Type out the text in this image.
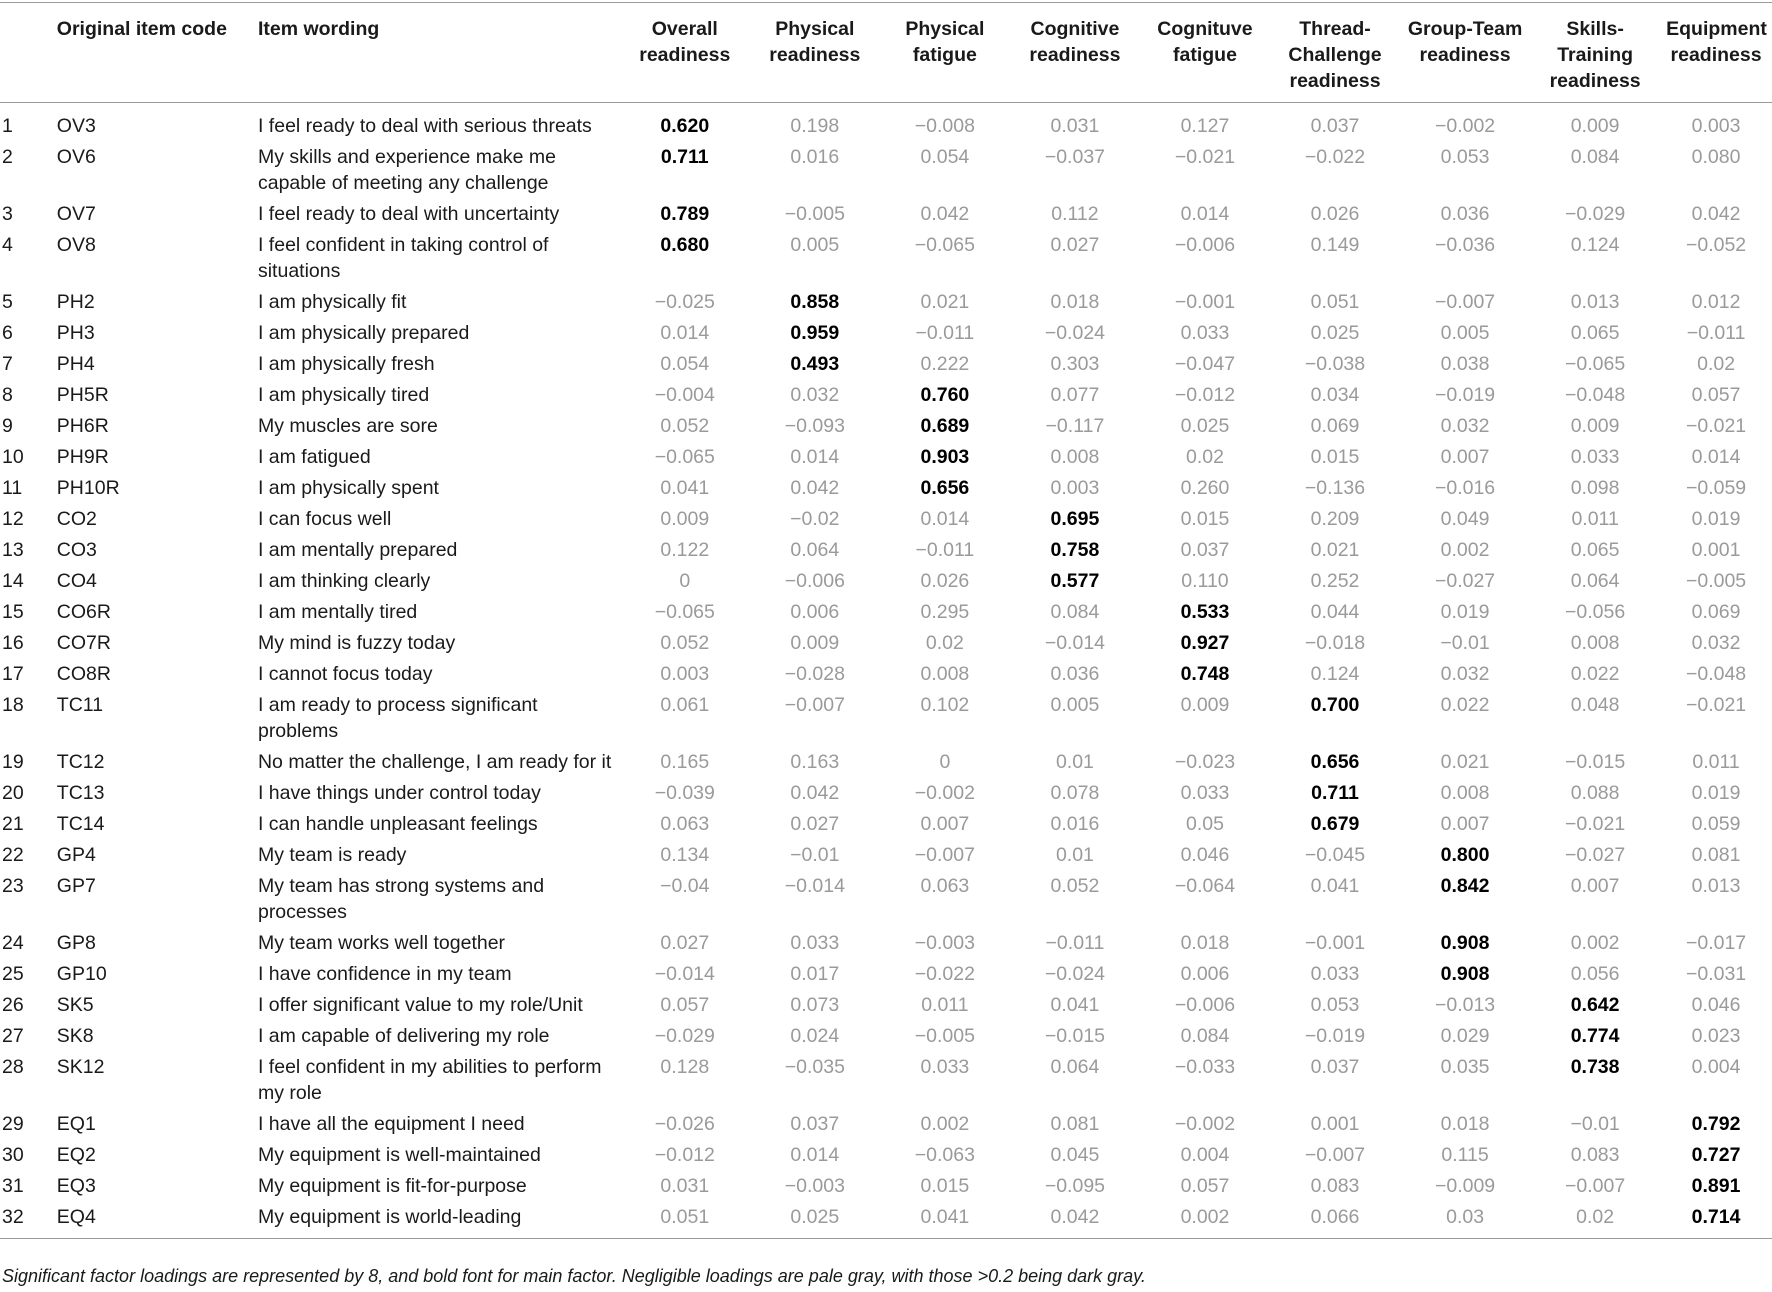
	Original item code	Item wording	Overall readiness	Physical readiness	Physical fatigue	Cognitive readiness	Cognituve fatigue	Thread-Challenge readiness	Group-Team readiness	Skills-Training readiness	Equipment readiness
1	OV3	I feel ready to deal with serious threats	0.620	0.198	−0.008	0.031	0.127	0.037	−0.002	0.009	0.003
2	OV6	My skills and experience make me capable of meeting any challenge	0.711	0.016	0.054	−0.037	−0.021	−0.022	0.053	0.084	0.080
3	OV7	I feel ready to deal with uncertainty	0.789	−0.005	0.042	0.112	0.014	0.026	0.036	−0.029	0.042
4	OV8	I feel confident in taking control of situations	0.680	0.005	−0.065	0.027	−0.006	0.149	−0.036	0.124	−0.052
5	PH2	I am physically fit	−0.025	0.858	0.021	0.018	−0.001	0.051	−0.007	0.013	0.012
6	PH3	I am physically prepared	0.014	0.959	−0.011	−0.024	0.033	0.025	0.005	0.065	−0.011
7	PH4	I am physically fresh	0.054	0.493	0.222	0.303	−0.047	−0.038	0.038	−0.065	0.02
8	PH5R	I am physically tired	−0.004	0.032	0.760	0.077	−0.012	0.034	−0.019	−0.048	0.057
9	PH6R	My muscles are sore	0.052	−0.093	0.689	−0.117	0.025	0.069	0.032	0.009	−0.021
10	PH9R	I am fatigued	−0.065	0.014	0.903	0.008	0.02	0.015	0.007	0.033	0.014
11	PH10R	I am physically spent	0.041	0.042	0.656	0.003	0.260	−0.136	−0.016	0.098	−0.059
12	CO2	I can focus well	0.009	−0.02	0.014	0.695	0.015	0.209	0.049	0.011	0.019
13	CO3	I am mentally prepared	0.122	0.064	−0.011	0.758	0.037	0.021	0.002	0.065	0.001
14	CO4	I am thinking clearly	0	−0.006	0.026	0.577	0.110	0.252	−0.027	0.064	−0.005
15	CO6R	I am mentally tired	−0.065	0.006	0.295	0.084	0.533	0.044	0.019	−0.056	0.069
16	CO7R	My mind is fuzzy today	0.052	0.009	0.02	−0.014	0.927	−0.018	−0.01	0.008	0.032
17	CO8R	I cannot focus today	0.003	−0.028	0.008	0.036	0.748	0.124	0.032	0.022	−0.048
18	TC11	I am ready to process significant problems	0.061	−0.007	0.102	0.005	0.009	0.700	0.022	0.048	−0.021
19	TC12	No matter the challenge, I am ready for it	0.165	0.163	0	0.01	−0.023	0.656	0.021	−0.015	0.011
20	TC13	I have things under control today	−0.039	0.042	−0.002	0.078	0.033	0.711	0.008	0.088	0.019
21	TC14	I can handle unpleasant feelings	0.063	0.027	0.007	0.016	0.05	0.679	0.007	−0.021	0.059
22	GP4	My team is ready	0.134	−0.01	−0.007	0.01	0.046	−0.045	0.800	−0.027	0.081
23	GP7	My team has strong systems and processes	−0.04	−0.014	0.063	0.052	−0.064	0.041	0.842	0.007	0.013
24	GP8	My team works well together	0.027	0.033	−0.003	−0.011	0.018	−0.001	0.908	0.002	−0.017
25	GP10	I have confidence in my team	−0.014	0.017	−0.022	−0.024	0.006	0.033	0.908	0.056	−0.031
26	SK5	I offer significant value to my role/Unit	0.057	0.073	0.011	0.041	−0.006	0.053	−0.013	0.642	0.046
27	SK8	I am capable of delivering my role	−0.029	0.024	−0.005	−0.015	0.084	−0.019	0.029	0.774	0.023
28	SK12	I feel confident in my abilities to perform my role	0.128	−0.035	0.033	0.064	−0.033	0.037	0.035	0.738	0.004
29	EQ1	I have all the equipment I need	−0.026	0.037	0.002	0.081	−0.002	0.001	0.018	−0.01	0.792
30	EQ2	My equipment is well-maintained	−0.012	0.014	−0.063	0.045	0.004	−0.007	0.115	0.083	0.727
31	EQ3	My equipment is fit-for-purpose	0.031	−0.003	0.015	−0.095	0.057	0.083	−0.009	−0.007	0.891
32	EQ4	My equipment is world-leading	0.051	0.025	0.041	0.042	0.002	0.066	0.03	0.02	0.714
Significant factor loadings are represented by 8, and bold font for main factor. Negligible loadings are pale gray, with those >0.2 being dark gray.
